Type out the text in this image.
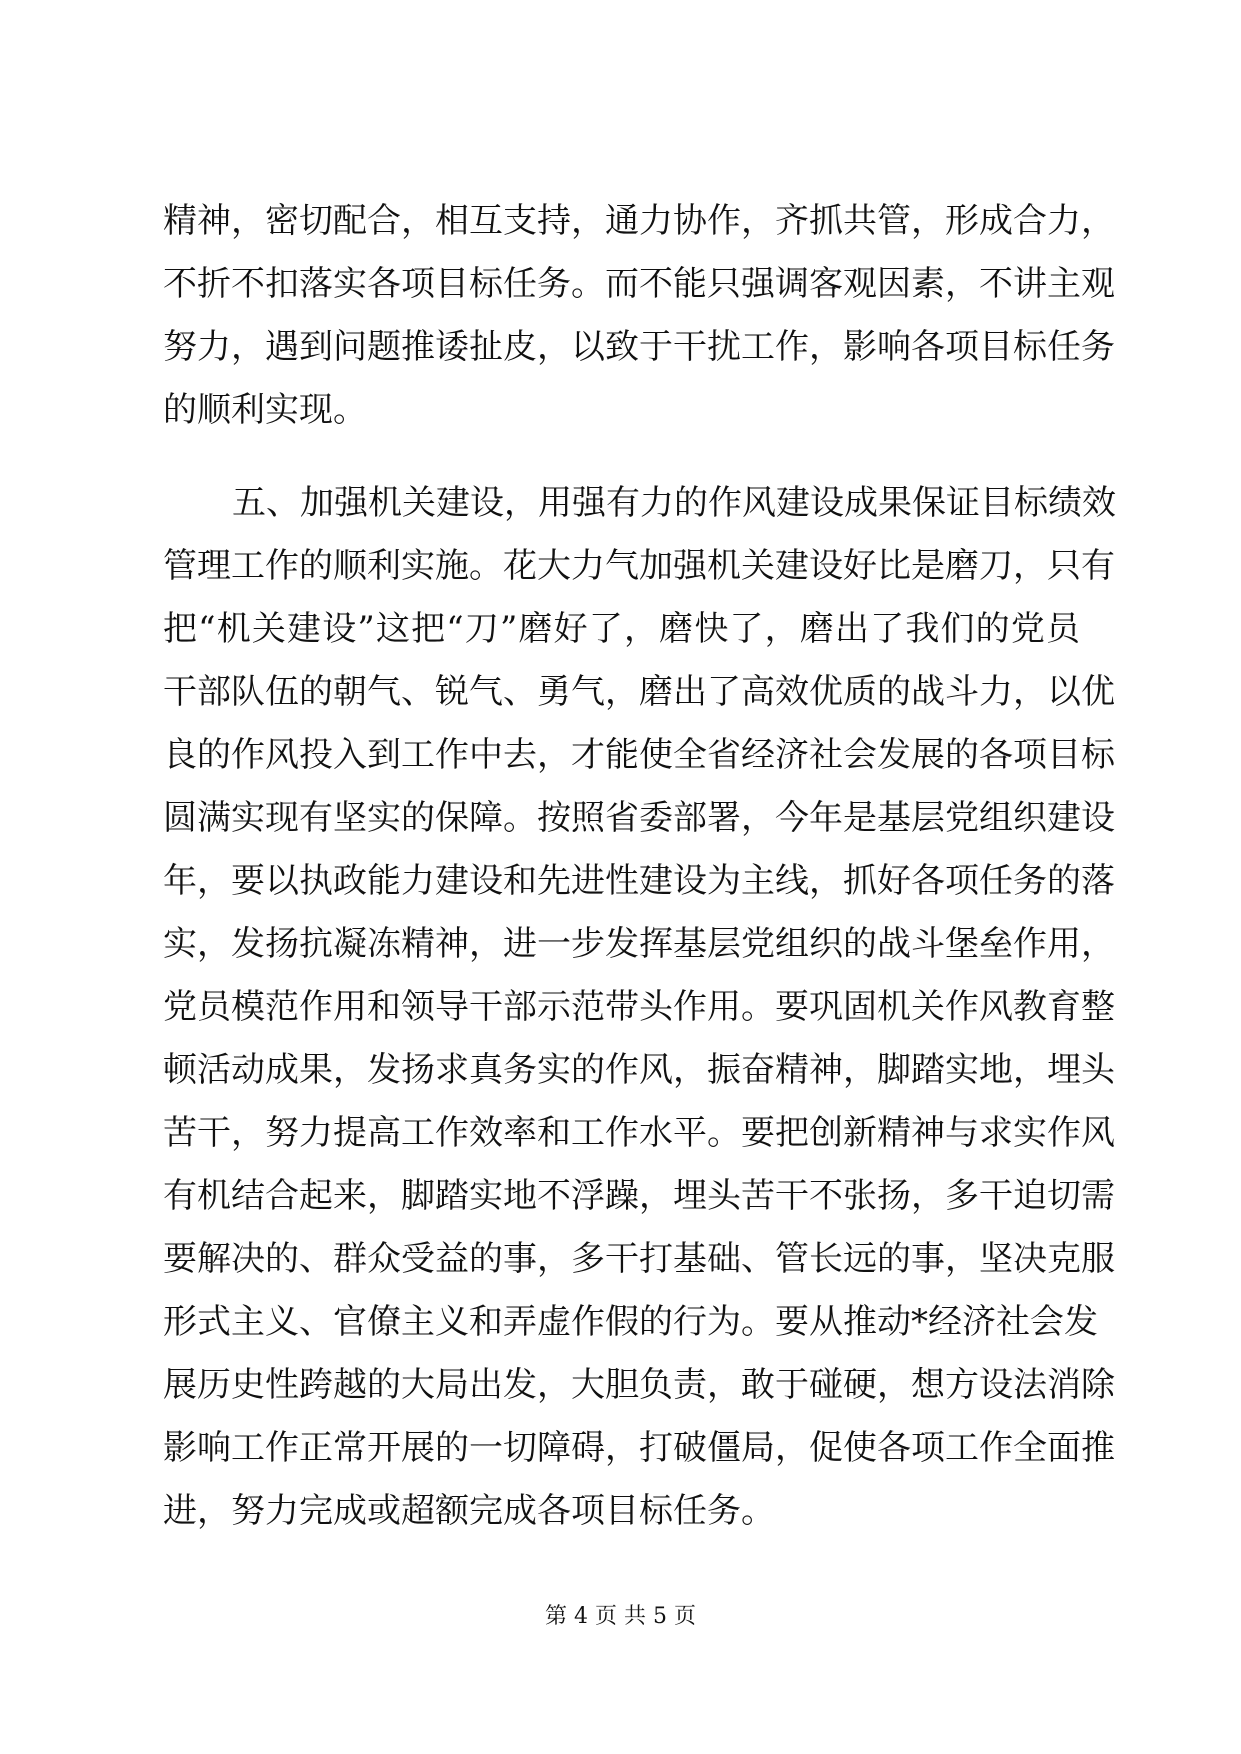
精神，密切配合，相互支持，通力协作，齐抓共管，形成合力，
不折不扣落实各项目标任务。而不能只强调客观因素，不讲主观
努力，遇到问题推诿扯皮，以致于干扰工作，影响各项目标任务
的顺利实现。
五、加强机关建设，用强有力的作风建设成果保证目标绩效
管理工作的顺利实施。花大力气加强机关建设好比是磨刀，只有
把“机关建设”这把“刀”磨好了，磨快了，磨出了我们的党员
干部队伍的朝气、锐气、勇气，磨出了高效优质的战斗力，以优
良的作风投入到工作中去，才能使全省经济社会发展的各项目标
圆满实现有坚实的保障。按照省委部署，今年是基层党组织建设
年，要以执政能力建设和先进性建设为主线，抓好各项任务的落
实，发扬抗凝冻精神，进一步发挥基层党组织的战斗堡垒作用，
党员模范作用和领导干部示范带头作用。要巩固机关作风教育整
顿活动成果，发扬求真务实的作风，振奋精神，脚踏实地，埋头
苦干，努力提高工作效率和工作水平。要把创新精神与求实作风
有机结合起来，脚踏实地不浮躁，埋头苦干不张扬，多干迫切需
要解决的、群众受益的事，多干打基础、管长远的事，坚决克服
形式主义、官僚主义和弄虚作假的行为。要从推动*经济社会发
展历史性跨越的大局出发，大胆负责，敢于碰硬，想方设法消除
影响工作正常开展的一切障碍，打破僵局，促使各项工作全面推
进，努力完成或超额完成各项目标任务。
第 4 页 共 5 页
